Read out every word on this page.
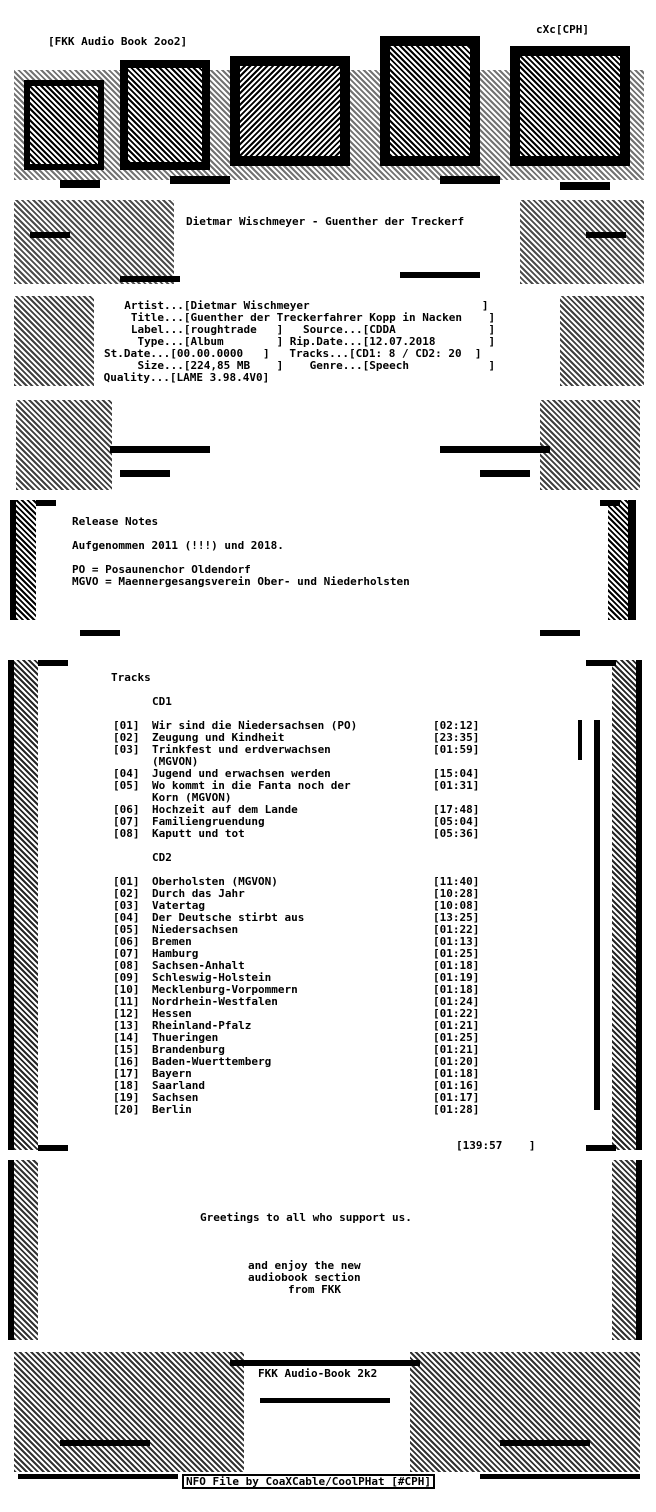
[FKK Audio Book 2oo2]
cXc[CPH]
Dietmar Wischmeyer - Guenther der Treckerf
Artist...[Dietmar Wischmeyer                          ]
Title...[Guenther der Treckerfahrer Kopp in Nacken    ]
Label...[roughtrade   ]   Source...[CDDA              ]
Type...[Album        ] Rip.Date...[12.07.2018        ]
St.Date...[00.00.0000   ]   Tracks...[CD1: 8 / CD2: 20  ]
Size...[224,85 MB    ]    Genre...[Speech            ]
Quality...[LAME 3.98.4V0]
Release Notes
Aufgenommen 2011 (!!!) und 2018.
PO = Posaunenchor Oldendorf
MGVO = Maennergesangsverein Ober- und Niederholsten
Tracks
CD1
[01] Wir sind die Niedersachsen (PO)	[02:12]
[02] Zeugung und Kindheit	[23:35]
[03] Trinkfest und erdverwachsen	[01:59]
(MGVON)
[04] Jugend und erwachsen werden	[15:04]
[05] Wo kommt in die Fanta noch der	[01:31]
Korn (MGVON)
[06] Hochzeit auf dem Lande	[17:48]
[07] Familiengruendung	[05:04]
[08] Kaputt und tot	[05:36]
CD2
[01] Oberholsten (MGVON)	[11:40]
[02] Durch das Jahr	[10:28]
[03] Vatertag	[10:08]
[04] Der Deutsche stirbt aus	[13:25]
[05] Niedersachsen	[01:22]
[06] Bremen	[01:13]
[07] Hamburg	[01:25]
[08] Sachsen-Anhalt	[01:18]
[09] Schleswig-Holstein	[01:19]
[10] Mecklenburg-Vorpommern	[01:18]
[11] Nordrhein-Westfalen	[01:24]
[12] Hessen	[01:22]
[13] Rheinland-Pfalz	[01:21]
[14] Thueringen	[01:25]
[15] Brandenburg	[01:21]
[16] Baden-Wuerttemberg	[01:20]
[17] Bayern	[01:18]
[18] Saarland	[01:16]
[19] Sachsen	[01:17]
[20] Berlin	[01:28]
[139:57    ]
Greetings to all who support us.
and enjoy the new
audiobook section
from FKK
FKK Audio-Book 2k2
NFO File by CoaXCable/CoolPHat [#CPH]
